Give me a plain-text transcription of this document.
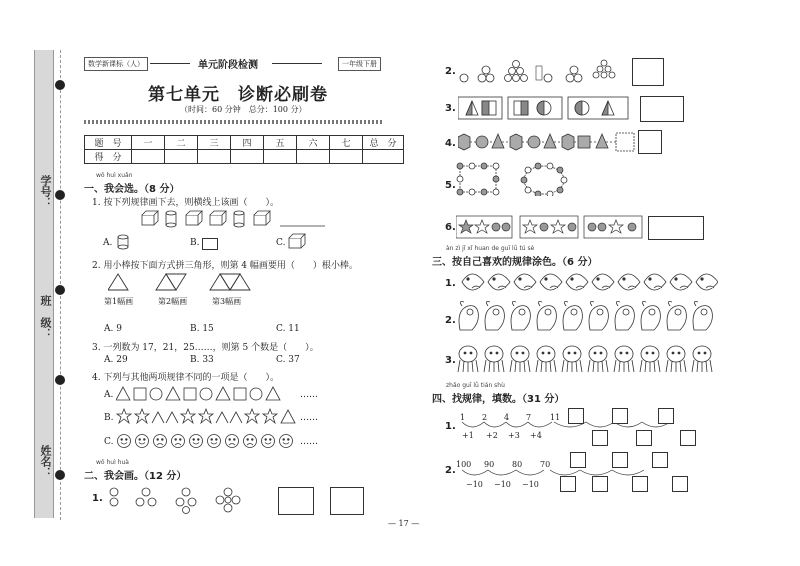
学号：
班　级：
姓名：
数学新课标（人）	单元阶段检测	一年级下册
第七单元　诊断必刷卷
（时间：60 分钟　总分：100 分）
题　号	一	二	三	四	五	六	七	总　分
得　分								
wǒ huì xuǎn
一、我会选。（8 分）
1. 按下列规律画下去，则横线上该画（　　）。
A.	B.	C.
2. 用小棒按下面方式拼三角形，则第 4 幅画要用（　　）根小棒。
第1幅画	第2幅画	第3幅画
A. 9	B. 15	C. 11
3. 一列数为 17，21，25……，则第 5 个数是（　　）。
A. 29	B. 33	C. 37
4. 下列与其他两项规律不同的一项是（　　）。
A.	……
B.	……
C.	……
wǒ huì huà
二、我会画。（12 分）
1.
2.
3.
4.
5.
6.
àn zì jǐ xǐ huan de guī lǜ tú sè
三、按自己喜欢的规律涂色。（6 分）
1.
2.
3.
zhǎo guī lǜ tián shù
四、找规律，填数。（31 分）
1.
1 2 4 7 11
+1 +2 +3 +4
2.
100 90 80 70
−10 −10 −10
— 17 —
